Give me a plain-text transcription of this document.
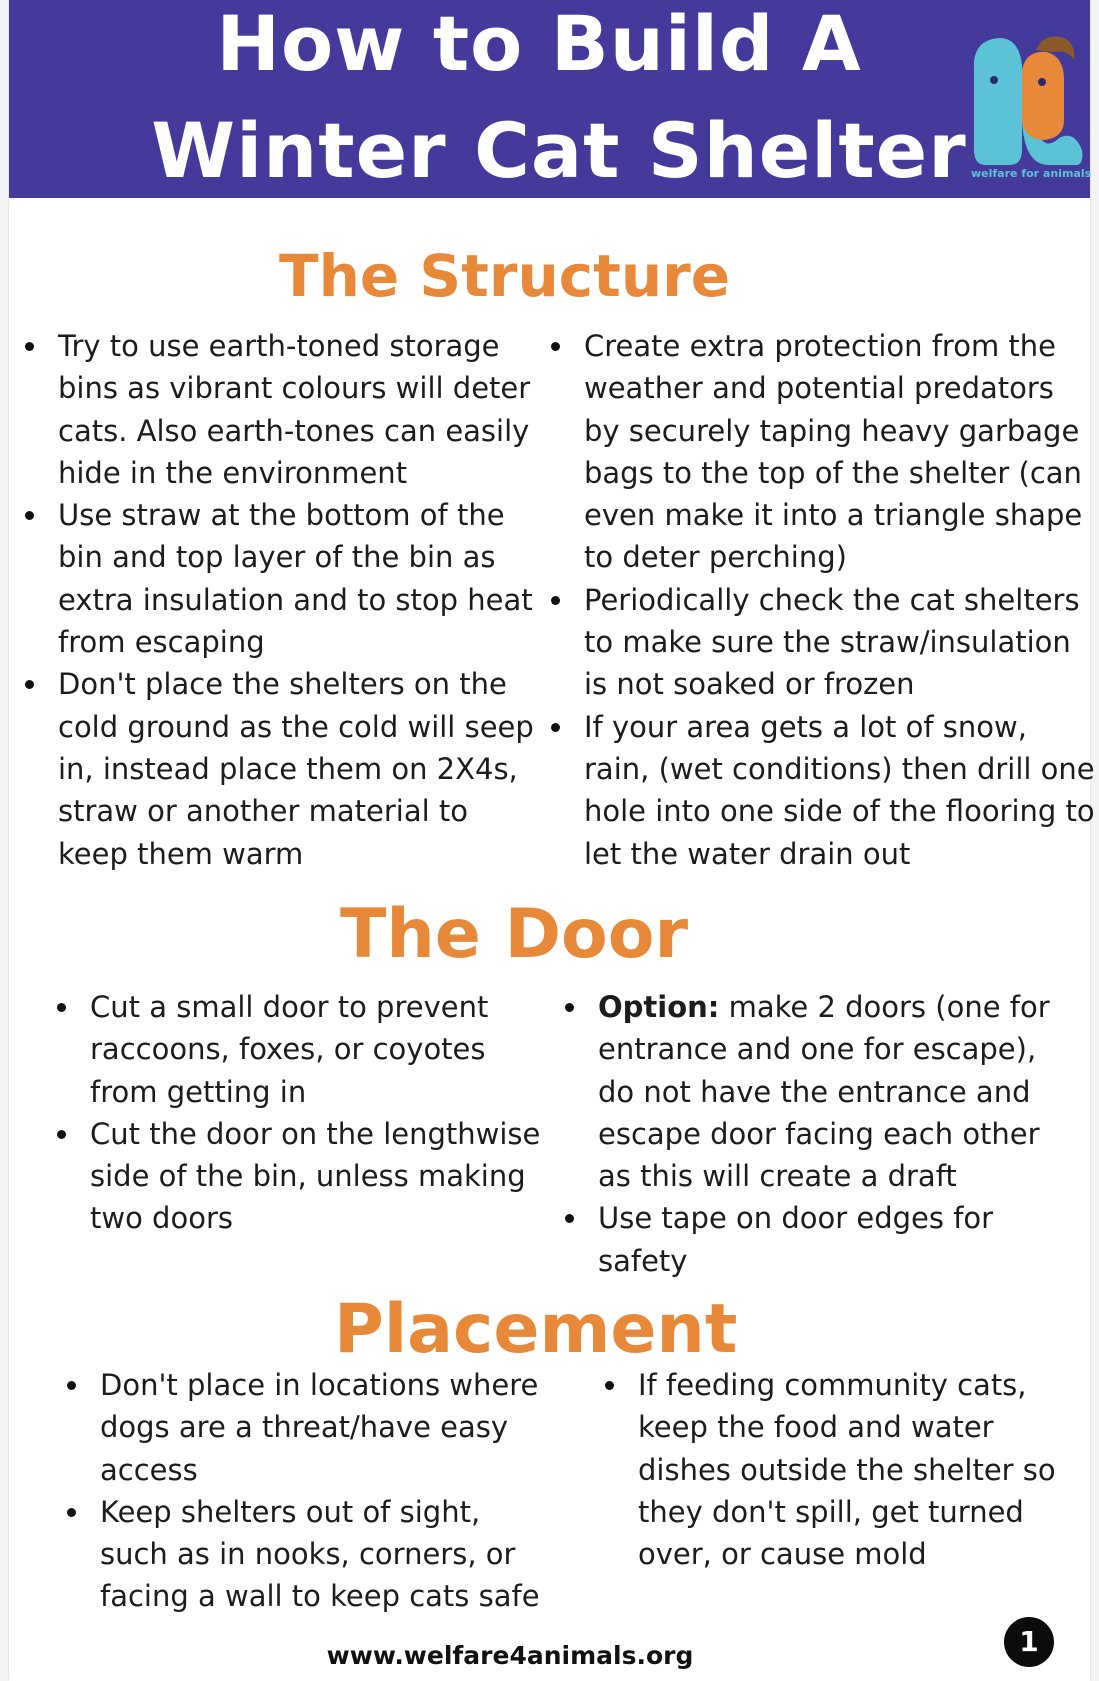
How to Build A
Winter Cat Shelter welfare for animals
The Structure
Try to use earth-toned storage bins as vibrant colours will deter cats. Also earth-tones can easily hide in the environment
Use straw at the bottom of the bin and top layer of the bin as extra insulation and to stop heat from escaping
Don't place the shelters on the cold ground as the cold will seep in, instead place them on 2X4s, straw or another material to keep them warm
Create extra protection from the weather and potential predators by securely taping heavy garbage bags to the top of the shelter (can even make it into a triangle shape to deter perching)
Periodically check the cat shelters to make sure the straw/insulation is not soaked or frozen
If your area gets a lot of snow, rain, (wet conditions) then drill one hole into one side of the flooring to let the water drain out
The Door
Cut a small door to prevent raccoons, foxes, or coyotes from getting in
Cut the door on the lengthwise side of the bin, unless making two doors
Option: make 2 doors (one for entrance and one for escape), do not have the entrance and escape door facing each other as this will create a draft
Use tape on door edges for safety
Placement
Don't place in locations where dogs are a threat/have easy access
Keep shelters out of sight, such as in nooks, corners, or facing a wall to keep cats safe
If feeding community cats, keep the food and water dishes outside the shelter so they don't spill, get turned over, or cause mold
www.welfare4animals.org	1
